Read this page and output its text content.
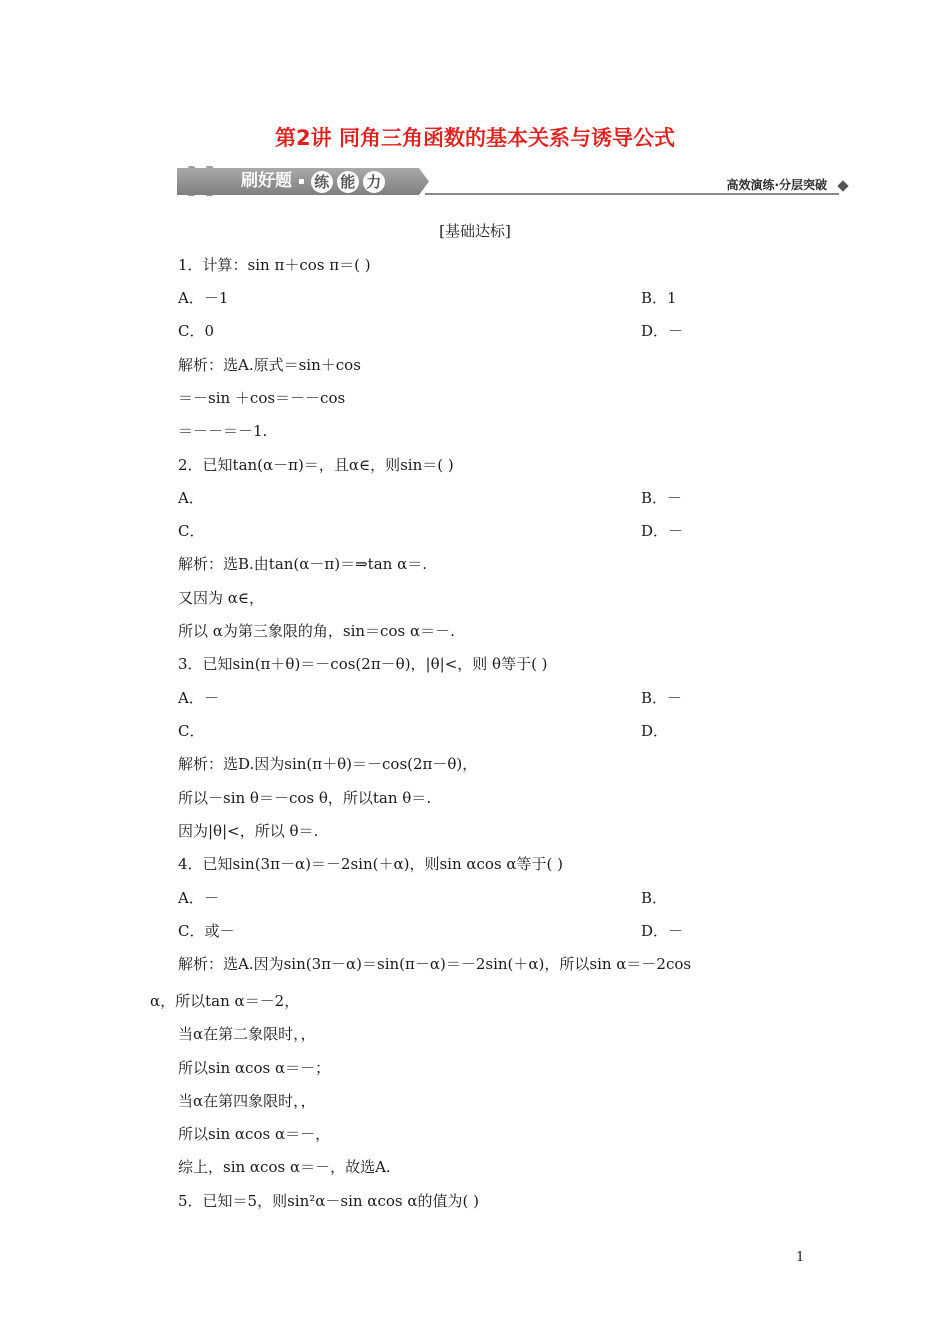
第2讲 同角三角函数的基本关系与诱导公式
刷好题 ▪ 练 能 力	高效演练·分层突破
[基础达标]
1．计算：sin π＋cos π＝( )
A．－1	B．1
C．0	D．－
解析：选A.原式＝sin＋cos
＝－sin ＋cos＝－－cos
＝－－＝－1.
2．已知tan(α－π)＝，且α∈，则sin＝( )
A．	B．－
C．	D．－
解析：选B.由tan(α－π)＝⇒tan α＝.
又因为 α∈，
所以 α为第三象限的角，sin＝cos α＝－.
3．已知sin(π＋θ)＝－cos(2π－θ)，|θ|<，则 θ等于( )
A．－	B．－
C．	D．
解析：选D.因为sin(π＋θ)＝－cos(2π－θ)，
所以－sin θ＝－cos θ，所以tan θ＝.
因为|θ|<，所以 θ＝.
4．已知sin(3π－α)＝－2sin(＋α)，则sin αcos α等于( )
A．－	B．
C．或－	D．－
解析：选A.因为sin(3π－α)＝sin(π－α)＝－2sin(＋α)，所以sin α＝－2cos
α，所以tan α＝－2，
当α在第二象限时，，
所以sin αcos α＝－；
当α在第四象限时，，
所以sin αcos α＝－，
综上，sin αcos α＝－，故选A.
5．已知＝5，则sin²α－sin αcos α的值为( )
1
